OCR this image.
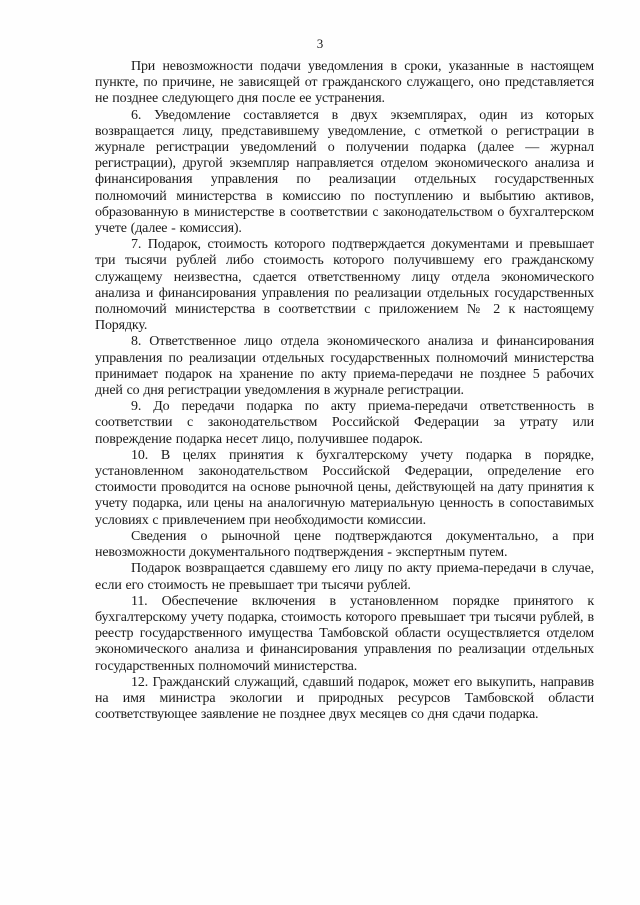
3

При невозможности подачи уведомления в сроки, указанные в настоящем пункте, по причине, не зависящей от гражданского служащего, оно представляется не позднее следующего дня после ее устранения.

6. Уведомление составляется в двух экземплярах, один из которых возвращается лицу, представившему уведомление, с отметкой о регистрации в журнале регистрации уведомлений о получении подарка (далее — журнал регистрации), другой экземпляр направляется отделом экономического анализа и финансирования управления по реализации отдельных государственных полномочий министерства в комиссию по поступлению и выбытию активов, образованную в министерстве в соответствии с законодательством о бухгалтерском учете (далее - комиссия).

7. Подарок, стоимость которого подтверждается документами и превышает три тысячи рублей либо стоимость которого получившему его гражданскому служащему неизвестна, сдается ответственному лицу отдела экономического анализа и финансирования управления по реализации отдельных государственных полномочий министерства в соответствии с приложением № 2 к настоящему Порядку.

8. Ответственное лицо отдела экономического анализа и финансирования управления по реализации отдельных государственных полномочий министерства принимает подарок на хранение по акту приема-передачи не позднее 5 рабочих дней со дня регистрации уведомления в журнале регистрации.

9. До передачи подарка по акту приема-передачи ответственность в соответствии с законодательством Российской Федерации за утрату или повреждение подарка несет лицо, получившее подарок.

10. В целях принятия к бухгалтерскому учету подарка в порядке, установленном законодательством Российской Федерации, определение его стоимости проводится на основе рыночной цены, действующей на дату принятия к учету подарка, или цены на аналогичную материальную ценность в сопоставимых условиях с привлечением при необходимости комиссии.

Сведения о рыночной цене подтверждаются документально, а при невозможности документального подтверждения - экспертным путем.

Подарок возвращается сдавшему его лицу по акту приема-передачи в случае, если его стоимость не превышает три тысячи рублей.

11. Обеспечение включения в установленном порядке принятого к бухгалтерскому учету подарка, стоимость которого превышает три тысячи рублей, в реестр государственного имущества Тамбовской области осуществляется отделом экономического анализа и финансирования управления по реализации отдельных государственных полномочий министерства.

12. Гражданский служащий, сдавший подарок, может его выкупить, направив на имя министра экологии и природных ресурсов Тамбовской области соответствующее заявление не позднее двух месяцев со дня сдачи подарка.
